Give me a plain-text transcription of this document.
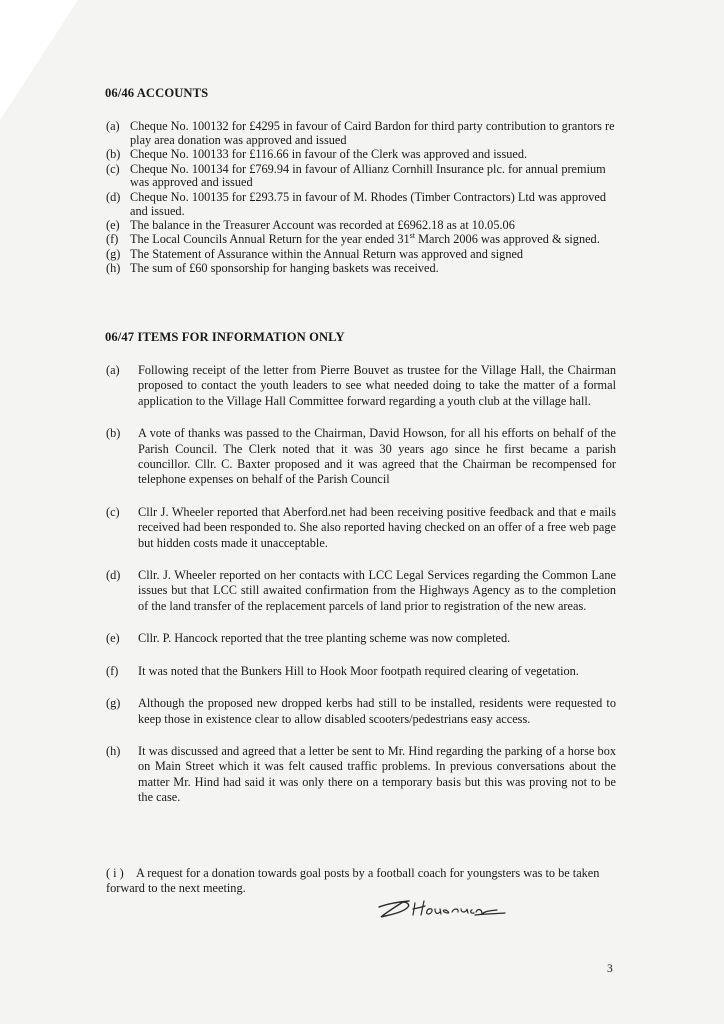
06/46 ACCOUNTS
(a) Cheque No. 100132 for £4295 in favour of Caird Bardon for third party contribution to grantors re play area donation was approved and issued
(b) Cheque No. 100133 for £116.66 in favour of the Clerk was approved and issued.
(c) Cheque No. 100134 for £769.94 in favour of Allianz Cornhill Insurance plc. for annual premium was approved and issued
(d) Cheque No. 100135 for £293.75 in favour of M. Rhodes (Timber Contractors) Ltd was approved and issued.
(e) The balance in the Treasurer Account was recorded at £6962.18 as at 10.05.06
(f) The Local Councils Annual Return for the year ended 31st March 2006 was approved & signed.
(g) The Statement of Assurance within the Annual Return was approved and signed
(h) The sum of £60 sponsorship for hanging baskets was received.
06/47 ITEMS FOR INFORMATION ONLY
(a)	Following receipt of the letter from Pierre Bouvet as trustee for the Village Hall, the Chairman proposed to contact the youth leaders to see what needed doing to take the matter of a formal application to the Village Hall Committee forward regarding a youth club at the village hall.
(b)	A vote of thanks was passed to the Chairman, David Howson, for all his efforts on behalf of the Parish Council. The Clerk noted that it was 30 years ago since he first became a parish councillor. Cllr. C. Baxter proposed and it was agreed that the Chairman be recompensed for telephone expenses on behalf of the Parish Council
(c)	Cllr J. Wheeler reported that Aberford.net had been receiving positive feedback and that e mails received had been responded to. She also reported having checked on an offer of a free web page but hidden costs made it unacceptable.
(d)	Cllr. J. Wheeler reported on her contacts with LCC Legal Services regarding the Common Lane issues but that LCC still awaited confirmation from the Highways Agency as to the completion of the land transfer of the replacement parcels of land prior to registration of the new areas.
(e)	Cllr. P. Hancock reported that the tree planting scheme was now completed.
(f)	It was noted that the Bunkers Hill to Hook Moor footpath required clearing of vegetation.
(g)	Although the proposed new dropped kerbs had still to be installed, residents were requested to keep those in existence clear to allow disabled scooters/pedestrians easy access.
(h)	It was discussed and agreed that a letter be sent to Mr. Hind regarding the parking of a horse box on Main Street which it was felt caused traffic problems. In previous conversations about the matter Mr. Hind had said it was only there on a temporary basis but this was proving not to be the case.
( i ) A request for a donation towards goal posts by a football coach for youngsters was to be taken forward to the next meeting.
3
